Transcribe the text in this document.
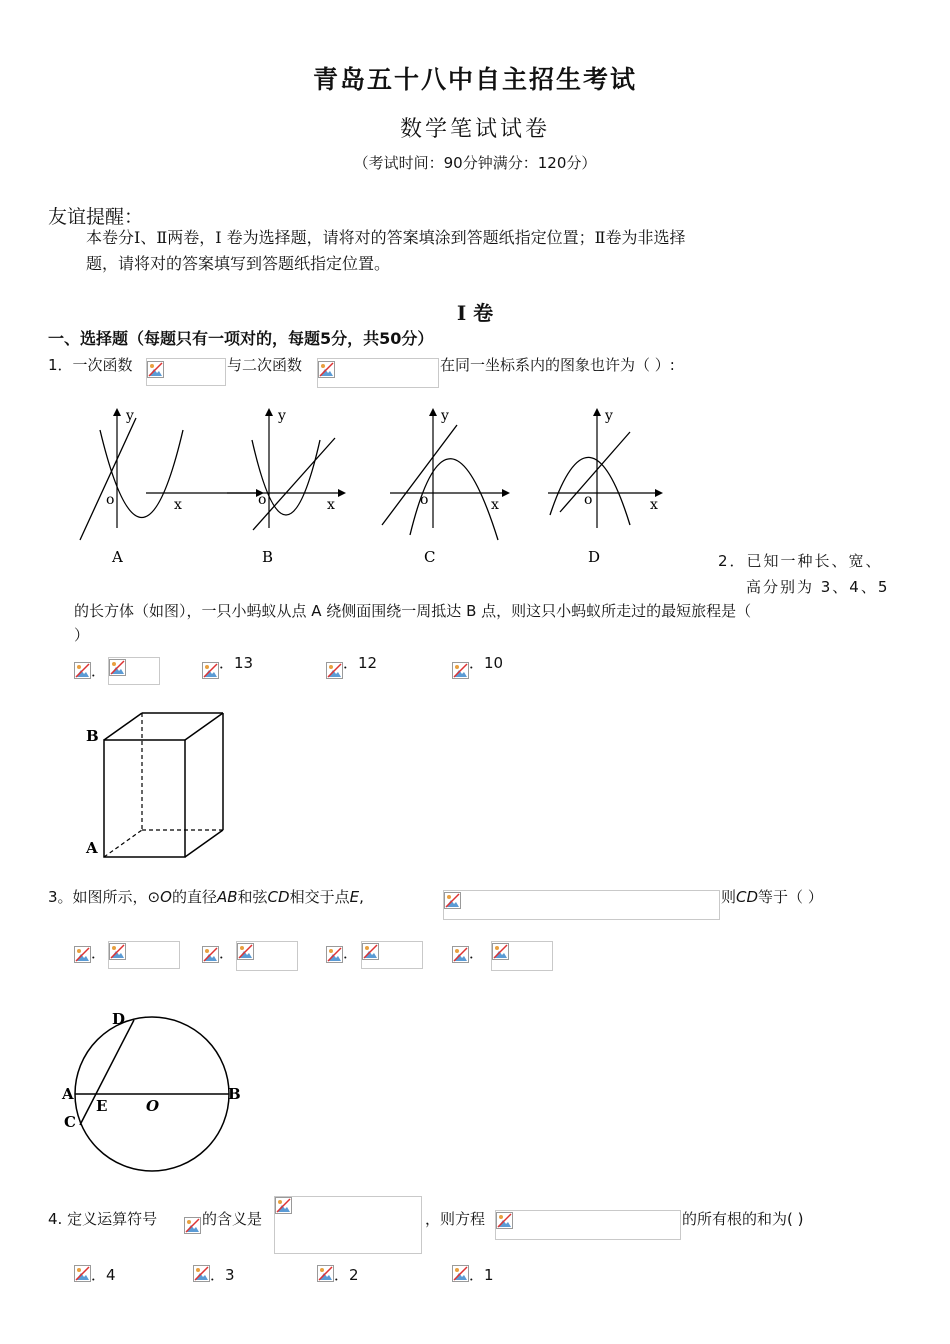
青岛五十八中自主招生考试
数学笔试试卷
（考试时间：90分钟满分：120分）
友谊提醒：
本卷分Ⅰ、Ⅱ两卷，Ⅰ 卷为选择题，请将对的答案填涂到答题纸指定位置；Ⅱ卷为非选择
题，请将对的答案填写到答题纸指定位置。
Ⅰ 卷
一、选择题（每题只有一项对的，每题5分，共50分）
1．一次函数	与二次函数	在同一坐标系内的图象也许为（ ）:
y
x
o
A
y
x
o
B
y
x
o
C
y
x
o
D	2．已知一种长、宽、
高分别为 3、4、5
的长方体（如图），一只小蚂蚁从点 A 绕侧面围绕一周抵达 B 点，则这只小蚂蚁所走过的最短旅程是（
）
．	．13	．12	．10
B
A
3。如图所示，⊙O的直径AB和弦CD相交于点E,	则CD等于（ ）
．	．	．	．
D
A
E	O
B
C
4. 定义运算符号	的含义是	，则方程	的所有根的和为( )
．4	．3	．2	．1
